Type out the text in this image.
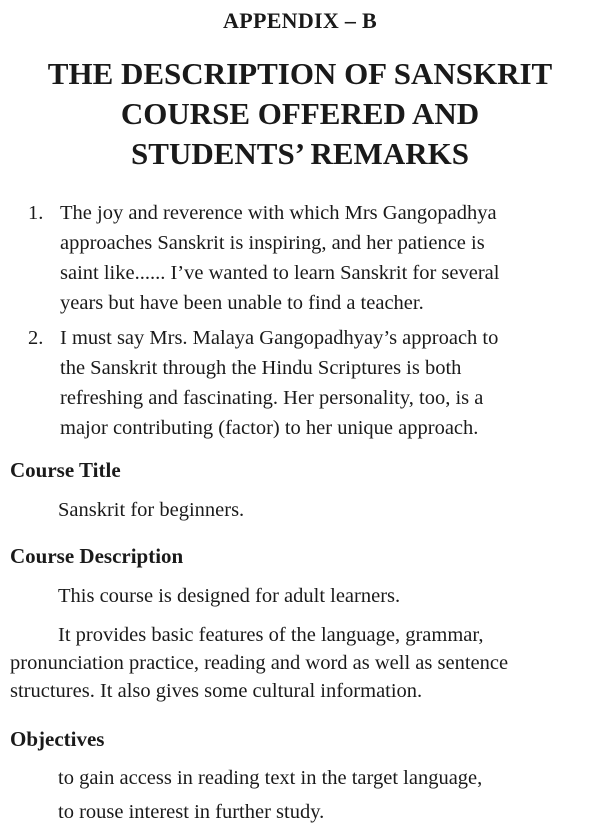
APPENDIX – B
THE DESCRIPTION OF SANSKRIT
COURSE OFFERED AND
STUDENTS’ REMARKS
1. The joy and reverence with which Mrs Gangopadhya
approaches Sanskrit is inspiring, and her patience is
saint like...... I’ve wanted to learn Sanskrit for several
years but have been unable to find a teacher.
2. I must say Mrs. Malaya Gangopadhyay’s approach to
the Sanskrit through the Hindu Scriptures is both
refreshing and fascinating. Her personality, too, is a
major contributing (factor) to her unique approach.
Course Title
Sanskrit for beginners.
Course Description
This course is designed for adult learners.
It provides basic features of the language, grammar,
pronunciation practice, reading and word as well as sentence
structures. It also gives some cultural information.
Objectives
to gain access in reading text in the target language,
to rouse interest in further study.
